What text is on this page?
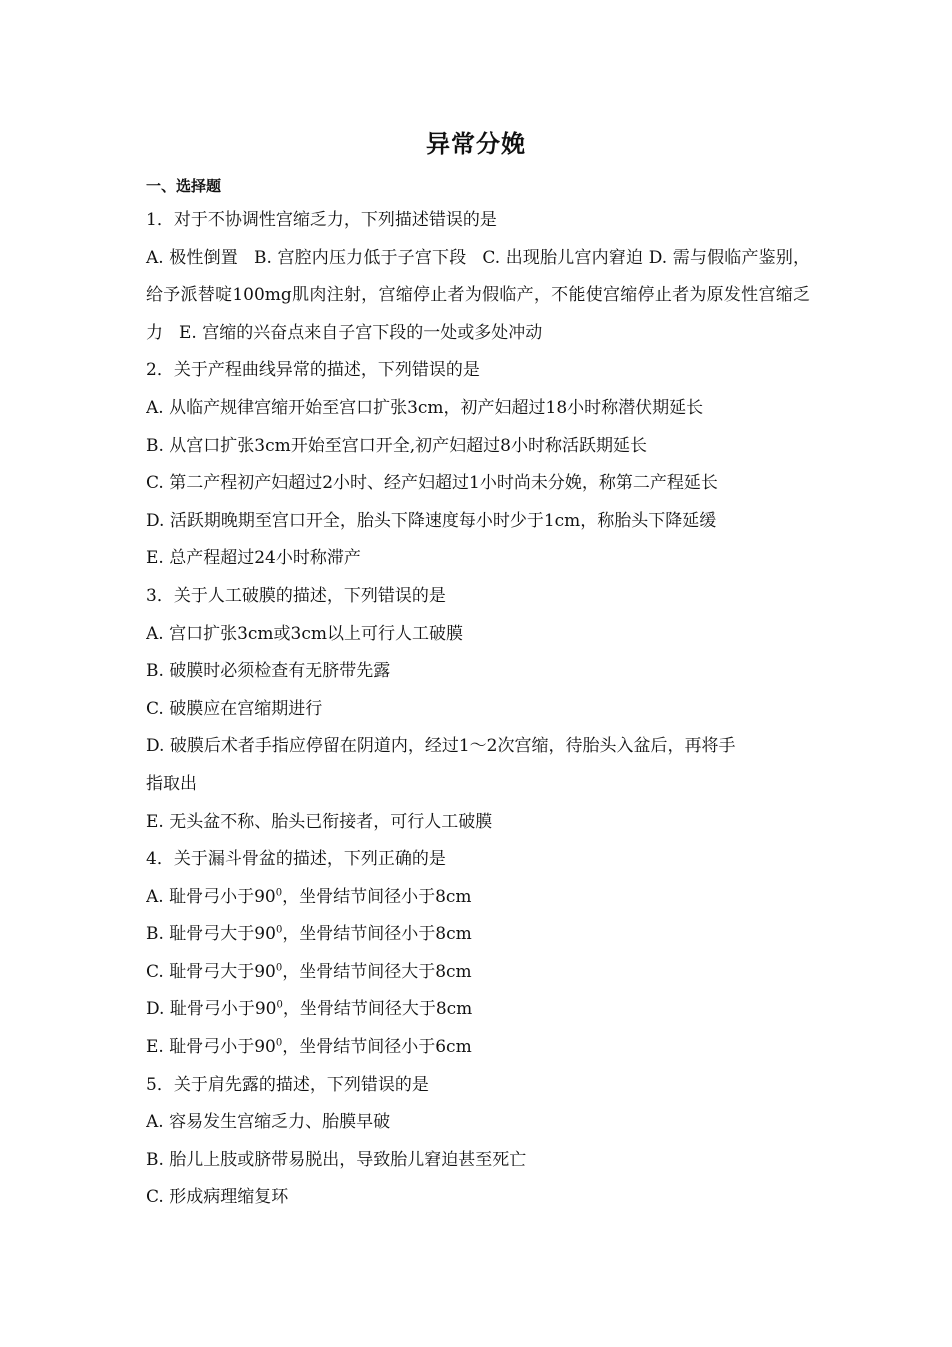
异常分娩
一、选择题
1．对于不协调性宫缩乏力，下列描述错误的是
A. 极性倒置 B. 宫腔内压力低于子宫下段 C. 出现胎儿宫内窘迫 D. 需与假临产鉴别，给予派替啶100mg肌肉注射，宫缩停止者为假临产，不能使宫缩停止者为原发性宫缩乏力 E. 宫缩的兴奋点来自子宫下段的一处或多处冲动
2．关于产程曲线异常的描述，下列错误的是
A. 从临产规律宫缩开始至宫口扩张3cm，初产妇超过18小时称潜伏期延长
B. 从宫口扩张3cm开始至宫口开全,初产妇超过8小时称活跃期延长
C. 第二产程初产妇超过2小时、经产妇超过1小时尚未分娩，称第二产程延长
D. 活跃期晚期至宫口开全，胎头下降速度每小时少于1cm，称胎头下降延缓
E. 总产程超过24小时称滞产
3．关于人工破膜的描述，下列错误的是
A. 宫口扩张3cm或3cm以上可行人工破膜
B. 破膜时必须检查有无脐带先露
C. 破膜应在宫缩期进行
D. 破膜后术者手指应停留在阴道内，经过1～2次宫缩，待胎头入盆后，再将手
指取出
E. 无头盆不称、胎头已衔接者，可行人工破膜
4．关于漏斗骨盆的描述，下列正确的是
A. 耻骨弓小于$90^0$，坐骨结节间径小于8cm
B. 耻骨弓大于$90^0$，坐骨结节间径小于8cm
C. 耻骨弓大于$90^0$，坐骨结节间径大于8cm
D. 耻骨弓小于$90^0$，坐骨结节间径大于8cm
E. 耻骨弓小于$90^0$，坐骨结节间径小于6cm
5．关于肩先露的描述，下列错误的是
A. 容易发生宫缩乏力、胎膜早破
B. 胎儿上肢或脐带易脱出，导致胎儿窘迫甚至死亡
C. 形成病理缩复环
